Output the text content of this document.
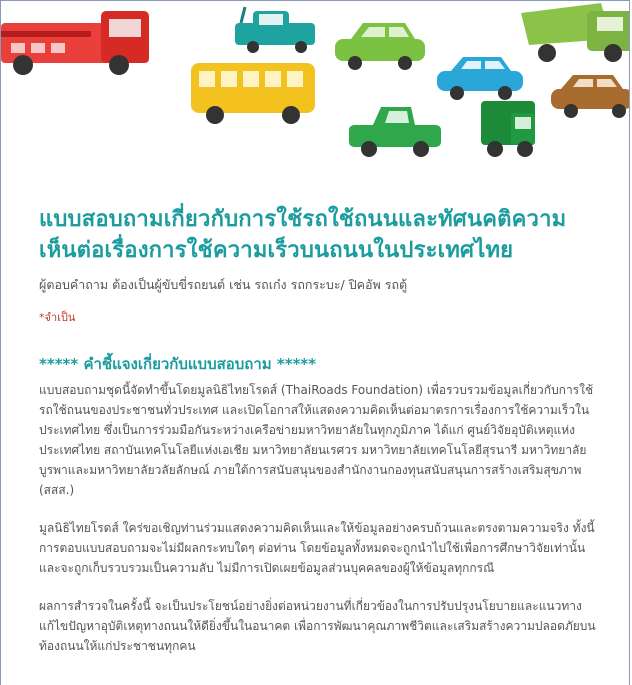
แบบสอบถามเกี่ยวกับการใช้รถใช้ถนนและทัศนคติความเห็นต่อเรื่องการใช้ความเร็วบนถนนในประเทศไทย

ผู้ตอบคำถาม ต้องเป็นผู้ขับขี่รถยนต์ เช่น รถเก๋ง รถกระบะ/ ปิคอัพ รถตู้

*จำเป็น

***** คำชี้แจงเกี่ยวกับแบบสอบถาม *****

แบบสอบถามชุดนี้จัดทำขึ้นโดยมูลนิธิไทยโรดส์ (ThaiRoads Foundation) เพื่อรวบรวมข้อมูลเกี่ยวกับการใช้รถใช้ถนนของประชาชนทั่วประเทศ และเปิดโอกาสให้แสดงความคิดเห็นต่อมาตรการเรื่องการใช้ความเร็วในประเทศไทย ซึ่งเป็นการร่วมมือกันระหว่างเครือข่ายมหาวิทยาลัยในทุกภูมิภาค ได้แก่ ศูนย์วิจัยอุบัติเหตุแห่งประเทศไทย สถาบันเทคโนโลยีแห่งเอเชีย มหาวิทยาลัยนเรศวร มหาวิทยาลัยเทคโนโลยีสุรนารี มหาวิทยาลัยบูรพาและมหาวิทยาลัยวลัยลักษณ์ ภายใต้การสนับสนุนของสำนักงานกองทุนสนับสนุนการสร้างเสริมสุขภาพ (สสส.)

มูลนิธิไทยโรดส์ ใคร่ขอเชิญท่านร่วมแสดงความคิดเห็นและให้ข้อมูลอย่างครบถ้วนและตรงตามความจริง ทั้งนี้ การตอบแบบสอบถามจะไม่มีผลกระทบใดๆ ต่อท่าน โดยข้อมูลทั้งหมดจะถูกนำไปใช้เพื่อการศึกษาวิจัยเท่านั้นและจะถูกเก็บรวบรวมเป็นความลับ ไม่มีการเปิดเผยข้อมูลส่วนบุคคลของผู้ให้ข้อมูลทุกกรณี

ผลการสำรวจในครั้งนี้ จะเป็นประโยชน์อย่างยิ่งต่อหน่วยงานที่เกี่ยวข้องในการปรับปรุงนโยบายและแนวทางแก้ไขปัญหาอุบัติเหตุทางถนนให้ดียิ่งขึ้นในอนาคต เพื่อการพัฒนาคุณภาพชีวิตและเสริมสร้างความปลอดภัยบนท้องถนนให้แก่ประชาชนทุกคน
